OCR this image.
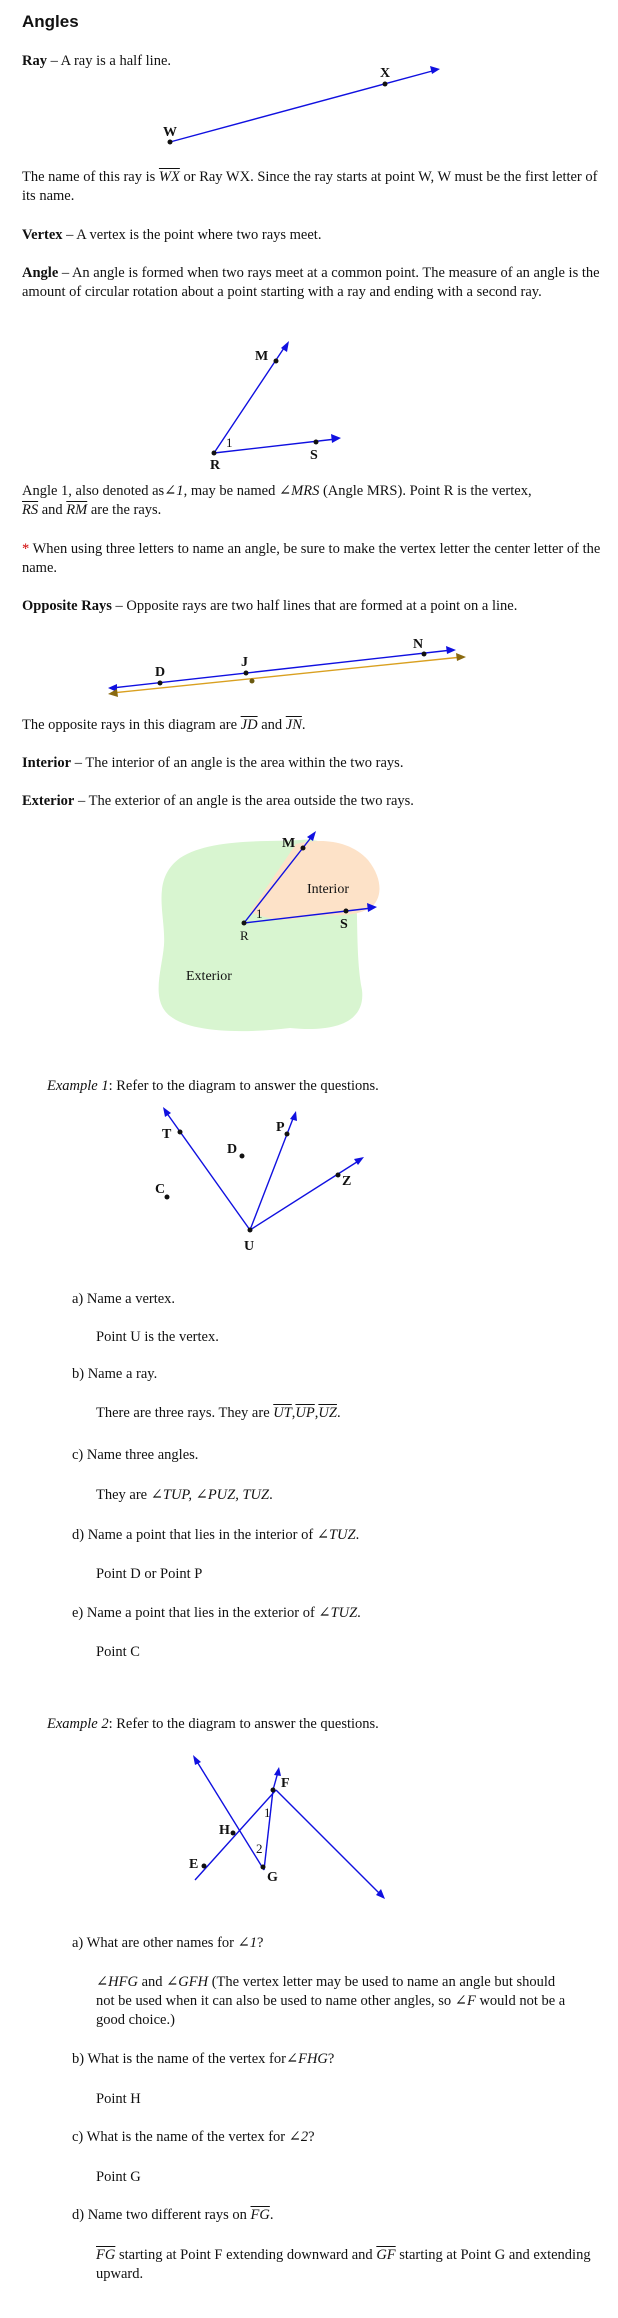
Angles
Ray – A ray is a half line.
W
X
The name of this ray is $\overline{WX}$ or Ray WX. Since the ray starts at point W, W must be the first letter of its name.
Vertex – A vertex is the point where two rays meet.
Angle – An angle is formed when two rays meet at a common point. The measure of an angle is the amount of circular rotation about a point starting with a ray and ending with a second ray.
M
R
S
1
Angle 1, also denoted as∠1, may be named ∠MRS (Angle MRS). Point R is the vertex,
$\overline{RS}$ and $\overline{RM}$ are the rays.
* When using three letters to name an angle, be sure to make the vertex letter the center letter of the name.
Opposite Rays – Opposite rays are two half lines that are formed at a point on a line.
D
J
N
The opposite rays in this diagram are $\overline{JD}$ and $\overline{JN}$.
Interior – The interior of an angle is the area within the two rays.
Exterior – The exterior of an angle is the area outside the two rays.
M
R
S
1
Interior
Exterior
Example 1: Refer to the diagram to answer the questions.
T
D
P
C
Z
U
a) Name a vertex.
Point U is the vertex.
b) Name a ray.
There are three rays. They are $\overline{UT},\overline{UP},\overline{UZ}$.
c) Name three angles.
They are ∠TUP, ∠PUZ, TUZ.
d) Name a point that lies in the interior of ∠TUZ.
Point D or Point P
e) Name a point that lies in the exterior of ∠TUZ.
Point C
Example 2: Refer to the diagram to answer the questions.
F
H
E
G
1
2
a) What are other names for ∠1?
∠HFG and ∠GFH (The vertex letter may be used to name an angle but should not be used when it can also be used to name other angles, so ∠F would not be a good choice.)
b) What is the name of the vertex for∠FHG?
Point H
c) What is the name of the vertex for ∠2?
Point G
d) Name two different rays on $\overline{FG}$.
$\overline{FG}$ starting at Point F extending downward and $\overline{GF}$ starting at Point G and extending upward.
